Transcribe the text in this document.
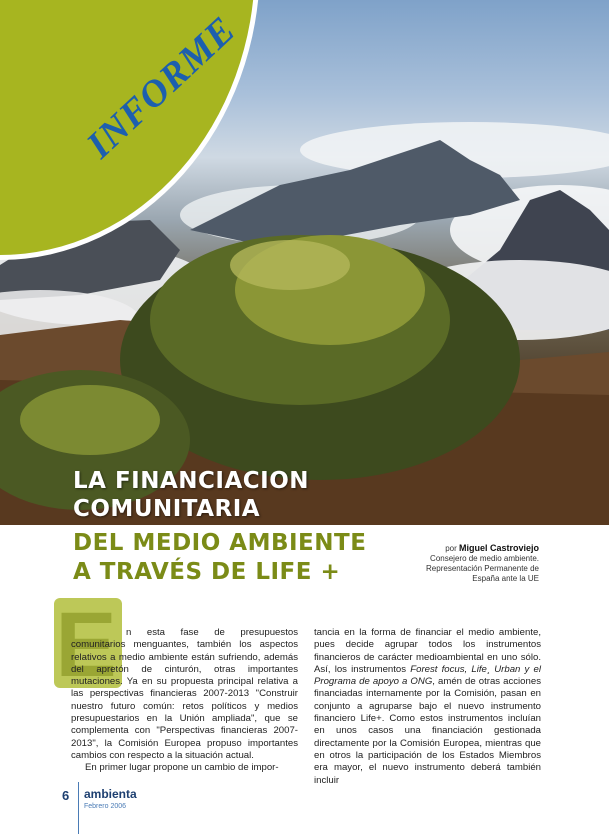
INFORME
LA FINANCIACION
COMUNITARIA
DEL MEDIO AMBIENTE
A TRAVÉS DE LIFE +
por Miguel Castroviejo
Consejero de medio ambiente.
Representación Permanente de
España ante la UE
E n esta fase de presupuestos comunitarios menguantes, también los aspectos relativos a medio ambiente están sufriendo, además del apretón de cinturón, otras importantes mutaciones. Ya en su propuesta principal relativa a las perspectivas financieras 2007-2013 "Construir nuestro futuro común: retos políticos y medios presupuestarios en la Unión ampliada", que se complementa con "Perspectivas financieras 2007-2013", la Comisión Europea propuso importantes cambios con respecto a la situación actual.

En primer lugar propone un cambio de impor-

tancia en la forma de financiar el medio ambiente, pues decide agrupar todos los instrumentos financieros de carácter medioambiental en uno sólo. Así, los instrumentos Forest focus, Life¸ Urban y el Programa de apoyo a ONG, amén de otras acciones financiadas internamente por la Comisión, pasan en conjunto a agruparse bajo el nuevo instrumento financiero Life+. Como estos instrumentos incluían en unos casos una financiación gestionada directamente por la Comisión Europea, mientras que en otros la participación de los Estados Miembros era mayor, el nuevo instrumento deberá también incluir

6 ambienta
Febrero 2006
